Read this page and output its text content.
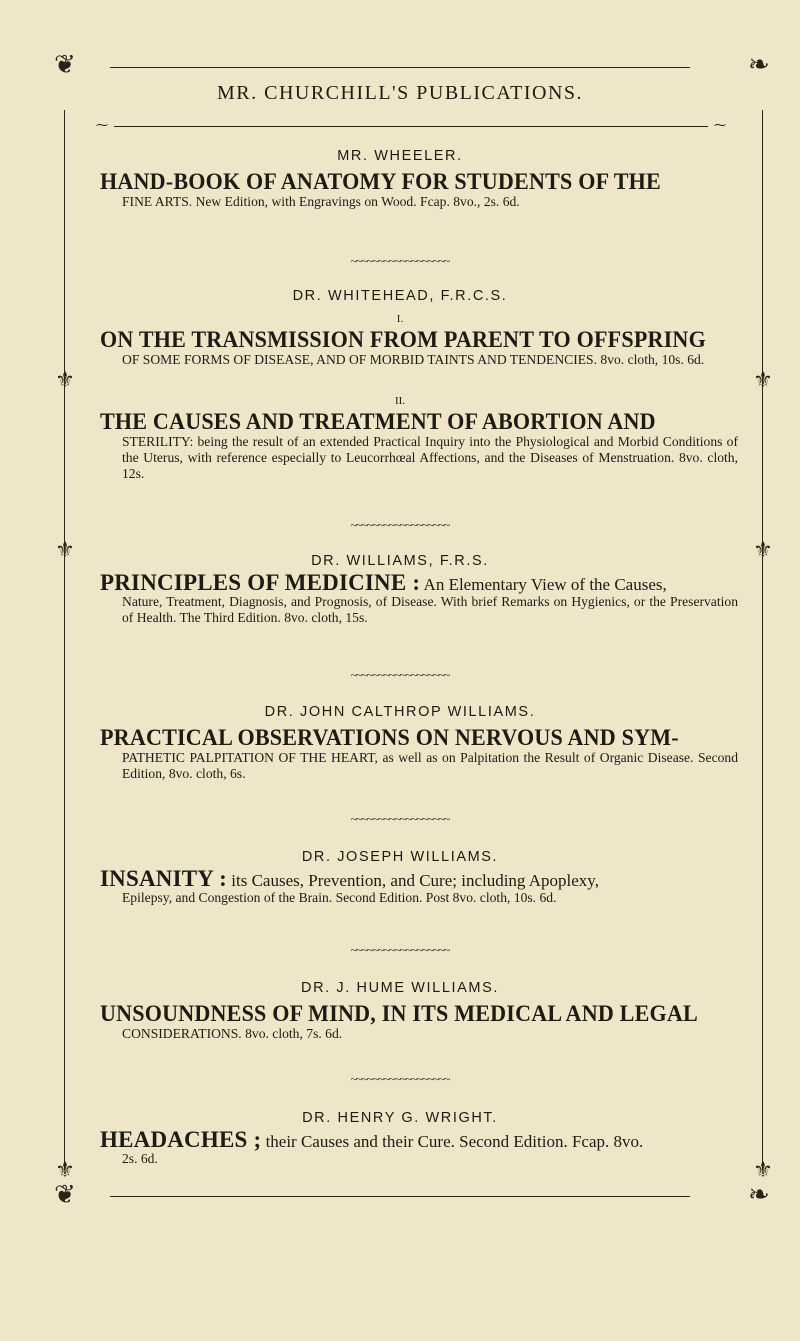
❦	❧
❦	❧
⚜
⚜
⚜
⚜
⚜
⚜
MR. CHURCHILL'S PUBLICATIONS.
⁓	⁓
MR. WHEELER.
HAND-BOOK OF ANATOMY FOR STUDENTS OF THE
FINE ARTS. New Edition, with Engravings on Wood. Fcap. 8vo., 2s. 6d.
~~~~~~~~~~~~~~~~~~
DR. WHITEHEAD, F.R.C.S.
I.
ON THE TRANSMISSION FROM PARENT TO OFFSPRING
OF SOME FORMS OF DISEASE, AND OF MORBID TAINTS AND TENDENCIES. 8vo. cloth, 10s. 6d.
II.
THE CAUSES AND TREATMENT OF ABORTION AND
STERILITY: being the result of an extended Practical Inquiry into the Physiological and Morbid Conditions of the Uterus, with reference especially to Leucorrhœal Affections, and the Diseases of Menstruation. 8vo. cloth, 12s.
~~~~~~~~~~~~~~~~~~
DR. WILLIAMS, F.R.S.
PRINCIPLES OF MEDICINE : An Elementary View of the Causes,
Nature, Treatment, Diagnosis, and Prognosis, of Disease. With brief Remarks on Hygienics, or the Preservation of Health. The Third Edition. 8vo. cloth, 15s.
~~~~~~~~~~~~~~~~~~
DR. JOHN CALTHROP WILLIAMS.
PRACTICAL OBSERVATIONS ON NERVOUS AND SYM-
PATHETIC PALPITATION OF THE HEART, as well as on Palpitation the Result of Organic Disease. Second Edition, 8vo. cloth, 6s.
~~~~~~~~~~~~~~~~~~
DR. JOSEPH WILLIAMS.
INSANITY : its Causes, Prevention, and Cure; including Apoplexy,
Epilepsy, and Congestion of the Brain. Second Edition. Post 8vo. cloth, 10s. 6d.
~~~~~~~~~~~~~~~~~~
DR. J. HUME WILLIAMS.
UNSOUNDNESS OF MIND, IN ITS MEDICAL AND LEGAL
CONSIDERATIONS. 8vo. cloth, 7s. 6d.
~~~~~~~~~~~~~~~~~~
DR. HENRY G. WRIGHT.
HEADACHES ; their Causes and their Cure. Second Edition. Fcap. 8vo.
2s. 6d.
